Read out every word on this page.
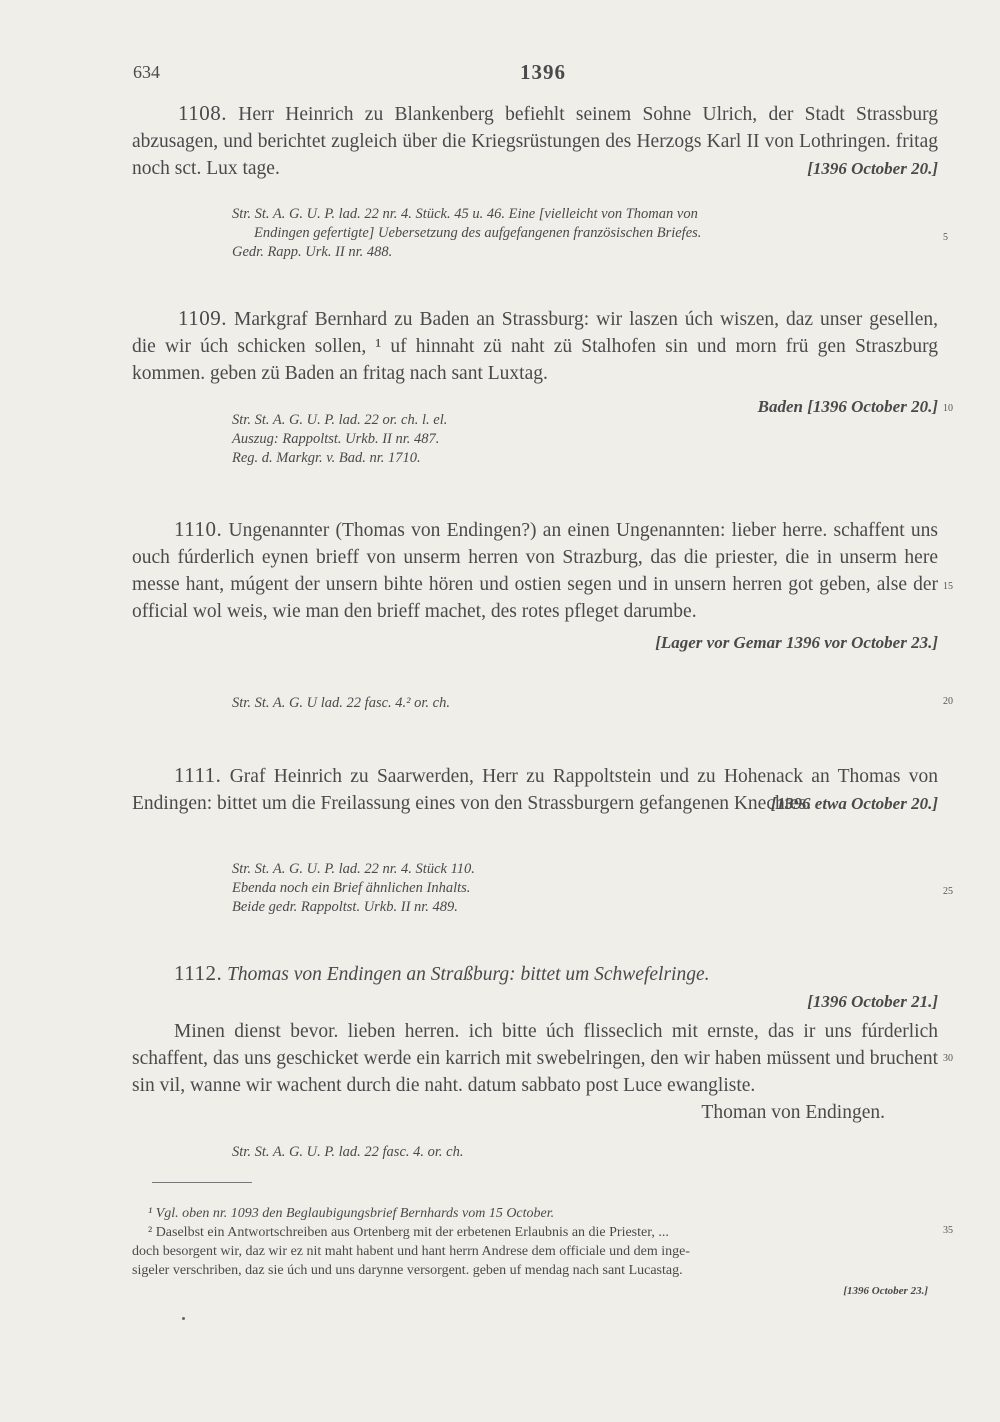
634	1396
1108. Herr Heinrich zu Blankenberg befiehlt seinem Sohne Ulrich, der Stadt Strassburg abzusagen, und berichtet zugleich über die Kriegsrüstungen des Herzogs Karl II von Lothringen. fritag noch sct. Lux tage.	[1396 October 20.]
Str. St. A. G. U. P. lad. 22 nr. 4. Stück. 45 u. 46. Eine [vielleicht von Thoman von
Endingen gefertigte] Uebersetzung des aufgefangenen französischen Briefes.
Gedr. Rapp. Urk. II nr. 488.
1109. Markgraf Bernhard zu Baden an Strassburg: wir laszen úch wiszen, daz unser gesellen, die wir úch schicken sollen, ¹ uf hinnaht zü naht zü Stalhofen sin und morn frü gen Straszburg kommen. geben zü Baden an fritag nach sant Luxtag.
Baden [1396 October 20.]
Str. St. A. G. U. P. lad. 22 or. ch. l. el.
Auszug: Rappoltst. Urkb. II nr. 487.
Reg. d. Markgr. v. Bad. nr. 1710.
1110. Ungenannter (Thomas von Endingen?) an einen Ungenannten: lieber herre. schaffent uns ouch fúrderlich eynen brieff von unserm herren von Strazburg, das die priester, die in unserm here messe hant, múgent der unsern bihte hören und ostien segen und in unsern herren got geben, alse der official wol weis, wie man den brieff machet, des rotes pfleget darumbe.
[Lager vor Gemar 1396 vor October 23.]
Str. St. A. G. U lad. 22 fasc. 4.² or. ch.
1111. Graf Heinrich zu Saarwerden, Herr zu Rappoltstein und zu Hohenack an Thomas von Endingen: bittet um die Freilassung eines von den Strassburgern gefangenen Knechtes.
[1396 etwa October 20.]
Str. St. A. G. U. P. lad. 22 nr. 4. Stück 110.
Ebenda noch ein Brief ähnlichen Inhalts.
Beide gedr. Rappoltst. Urkb. II nr. 489.
1112. Thomas von Endingen an Straßburg: bittet um Schwefelringe.
[1396 October 21.]
Minen dienst bevor. lieben herren. ich bitte úch flisseclich mit ernste, das ir uns fúrderlich schaffent, das uns geschicket werde ein karrich mit swebelringen, den wir haben müssent und bruchent sin vil, wanne wir wachent durch die naht. datum sabbato post Luce ewangliste.
Thoman von Endingen.
Str. St. A. G. U. P. lad. 22 fasc. 4. or. ch.
5
10
15
20
25
30
35
¹ Vgl. oben nr. 1093 den Beglaubigungsbrief Bernhards vom 15 October.
² Daselbst ein Antwortschreiben aus Ortenberg mit der erbetenen Erlaubnis an die Priester, ...
doch besorgent wir, daz wir ez nit maht habent und hant herrn Andrese dem officiale und dem inge-
sigeler verschriben, daz sie úch und uns darynne versorgent. geben uf mendag nach sant Lucastag.
[1396 October 23.]
